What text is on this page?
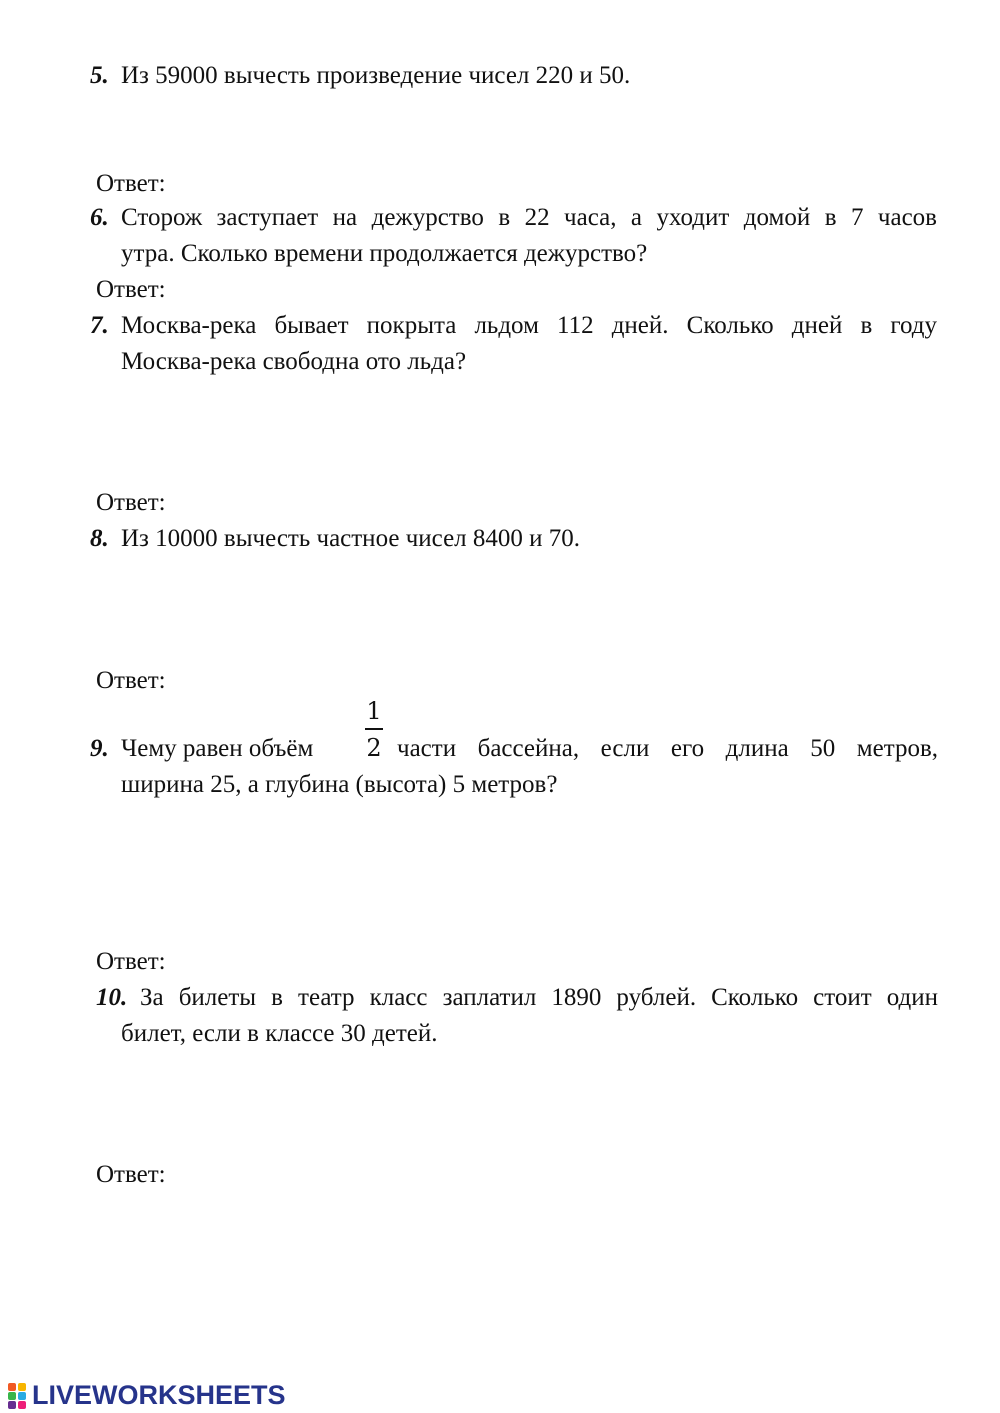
5. Из 59000 вычесть произведение чисел 220 и 50.
Ответ:
6. Сторож заступает на дежурство в 22 часа, а уходит домой в 7 часов
утра. Сколько времени продолжается дежурство?
Ответ:
7. Москва-река бывает покрыта льдом 112 дней. Сколько дней в году
Москва-река свободна ото льда?
Ответ:
8. Из 10000 вычесть частное чисел 8400 и 70.
Ответ:
9. Чему равен объём
1
2 части бассейна, если его длина 50 метров,
ширина 25, а глубина (высота) 5 метров?
Ответ:
10. За билеты в театр класс заплатил 1890 рублей. Сколько стоит один
билет, если в классе 30 детей.
Ответ:
LIVEWORKSHEETS
